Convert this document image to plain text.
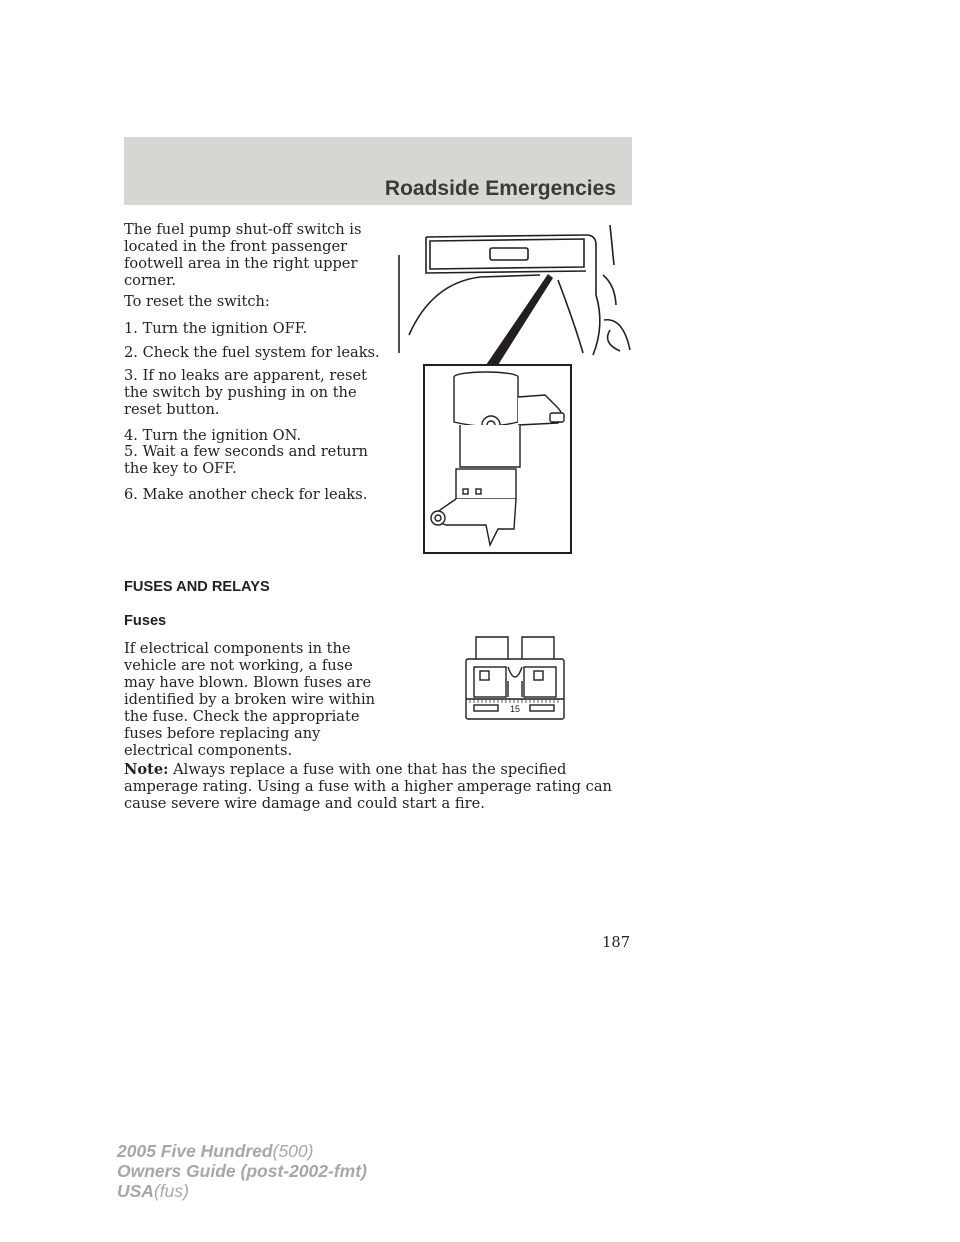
Roadside Emergencies

The fuel pump shut-off switch is located in the front passenger footwell area in the right upper corner.

To reset the switch:

1. Turn the ignition OFF.

2. Check the fuel system for leaks.

3. If no leaks are apparent, reset the switch by pushing in on the reset button.

4. Turn the ignition ON.

5. Wait a few seconds and return the key to OFF.

6. Make another check for leaks.

FUSES AND RELAYS
Fuses

If electrical components in the vehicle are not working, a fuse may have blown. Blown fuses are identified by a broken wire within the fuse. Check the appropriate fuses before replacing any electrical components.

Note: Always replace a fuse with one that has the specified amperage rating. Using a fuse with a higher amperage rating can cause severe wire damage and could start a fire.

15
187
2005 Five Hundred(500)
Owners Guide (post-2002-fmt)
USA(fus)
